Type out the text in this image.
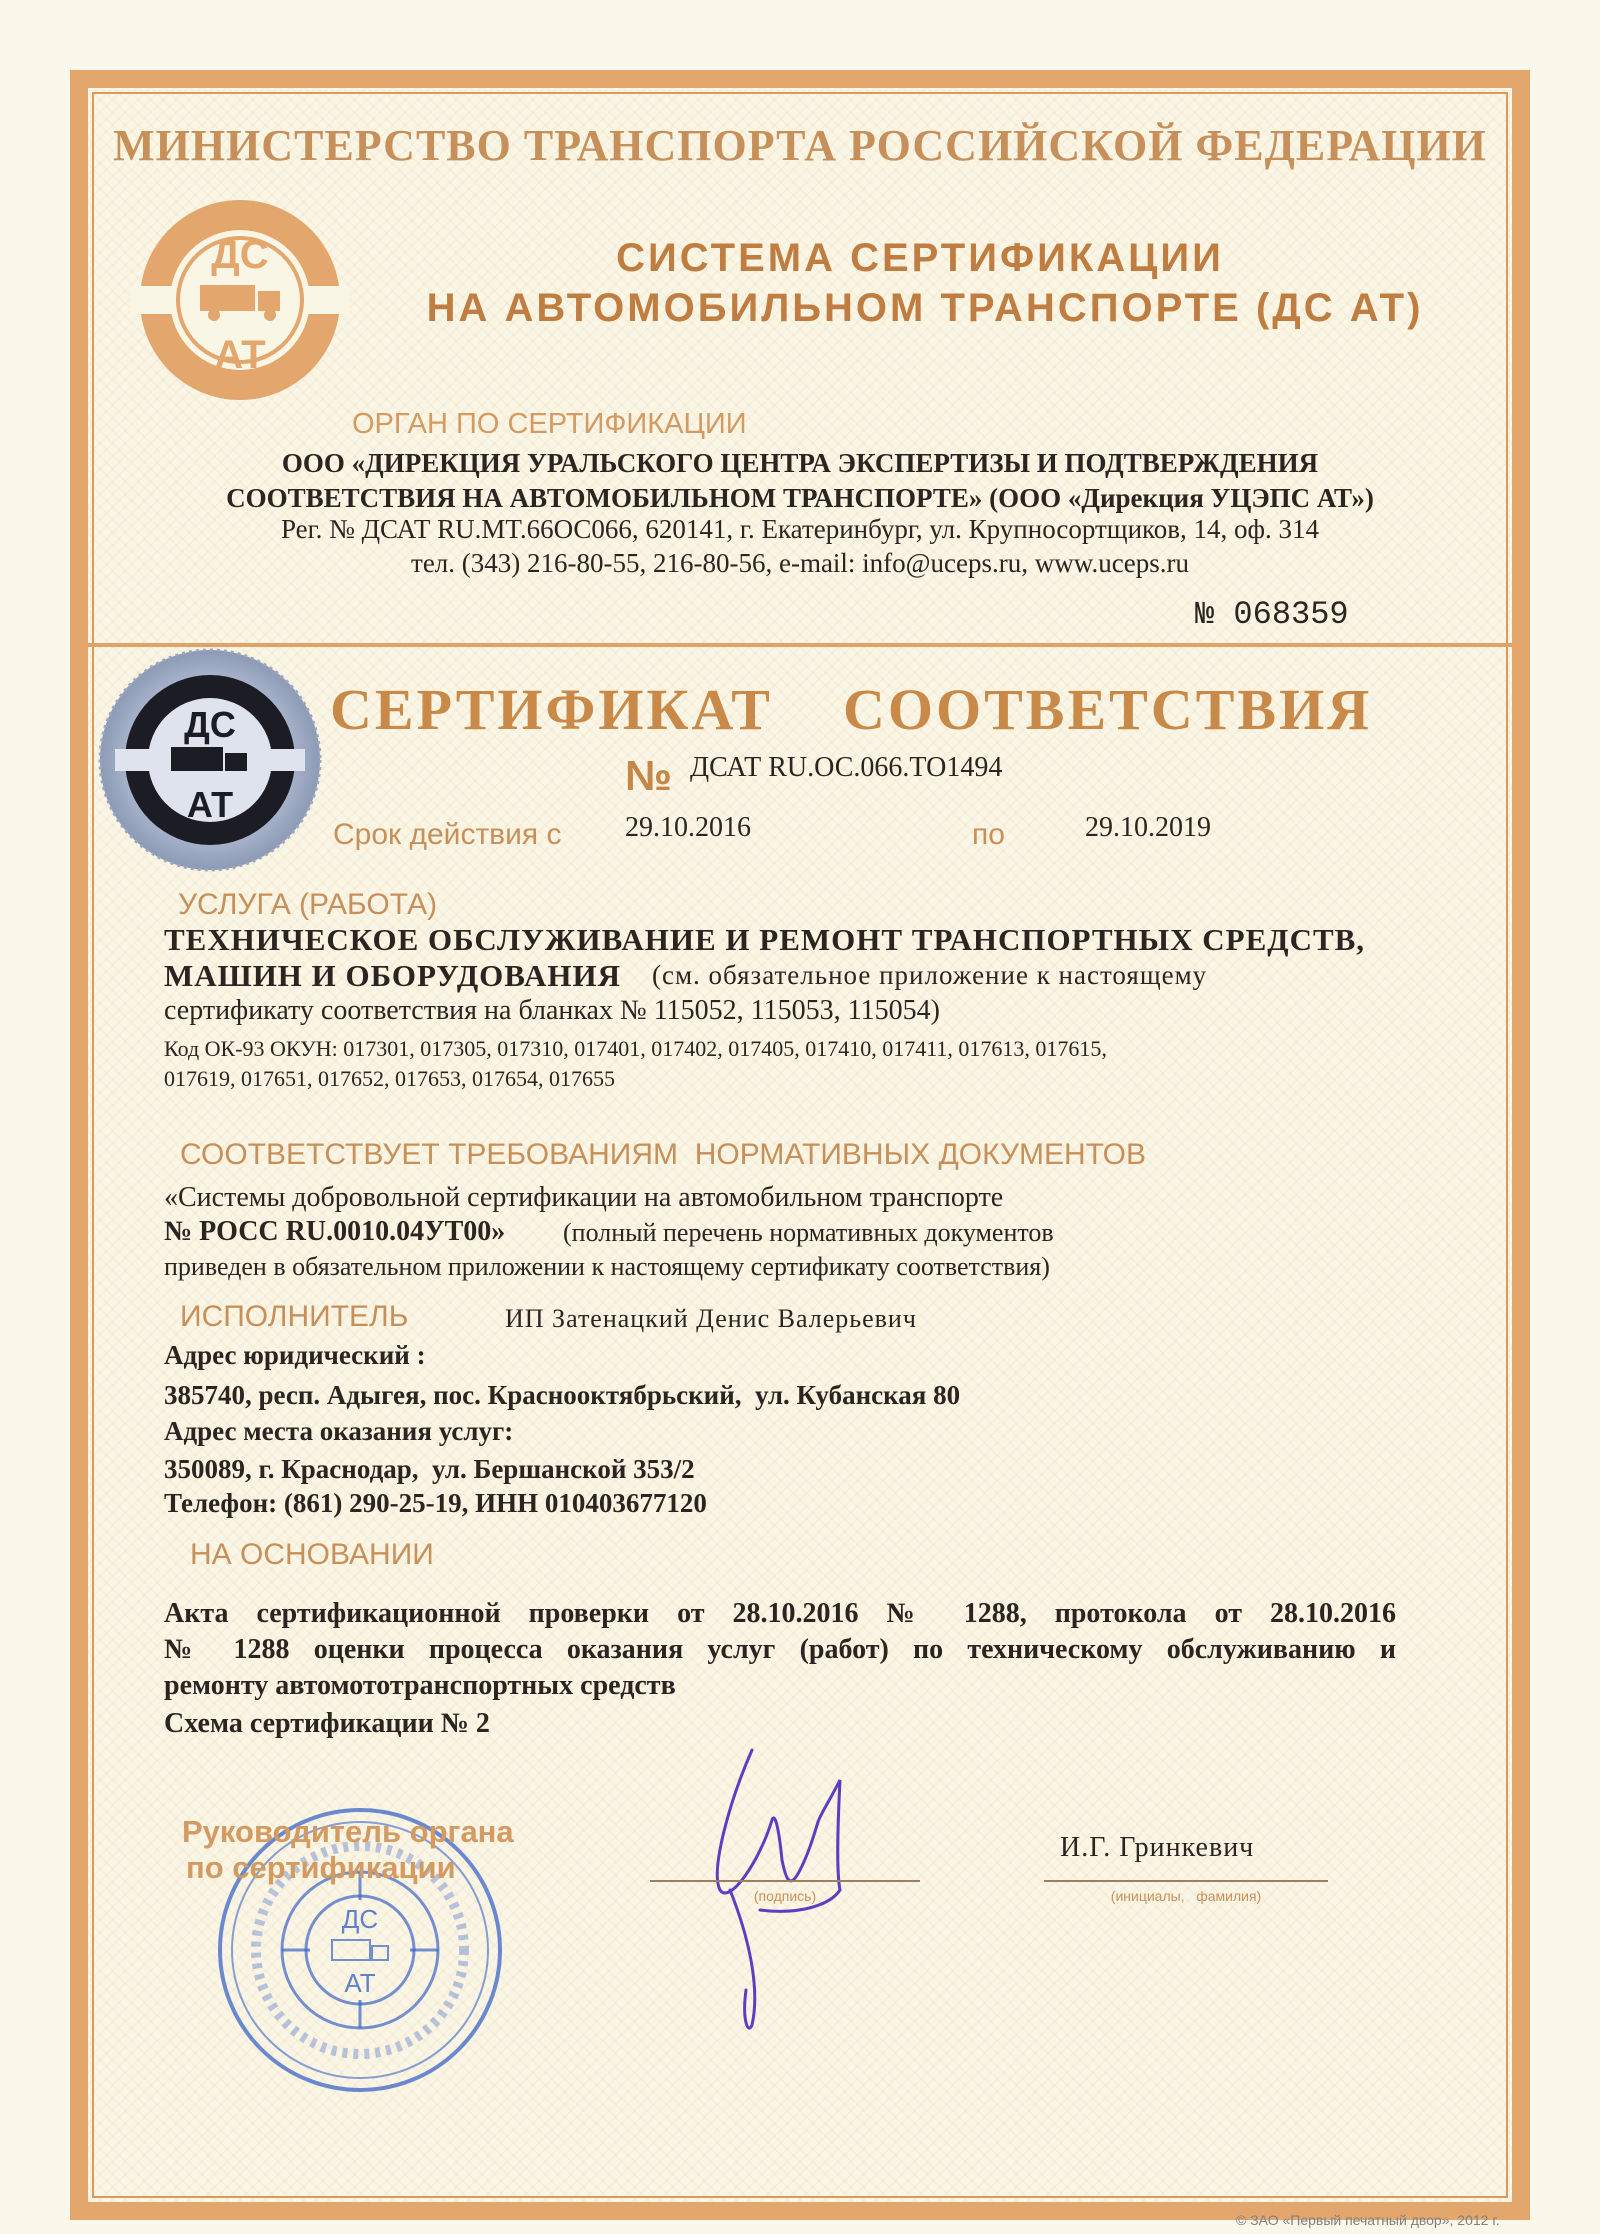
МИНИСТЕРСТВО ТРАНСПОРТА РОССИЙСКОЙ ФЕДЕРАЦИИ
ДС
АТ
СИСТЕМА СЕРТИФИКАЦИИ
НА АВТОМОБИЛЬНОМ ТРАНСПОРТЕ (ДС АТ)
ОРГАН ПО СЕРТИФИКАЦИИ
ООО «ДИРЕКЦИЯ УРАЛЬСКОГО ЦЕНТРА ЭКСПЕРТИЗЫ И ПОДТВЕРЖДЕНИЯ
СООТВЕТСТВИЯ НА АВТОМОБИЛЬНОМ ТРАНСПОРТЕ» (ООО «Дирекция УЦЭПС АТ»)
Рег. № ДСАТ RU.MT.66ОС066, 620141, г. Екатеринбург, ул. Крупносортщиков, 14, оф. 314
тел. (343) 216-80-55, 216-80-56, e-mail: info@uceps.ru, www.uceps.ru
№ 068359
ДС
АТ
СЕРТИФИКАТ    СООТВЕТСТВИЯ
№ ДСАТ RU.ОС.066.ТО1494
Срок действия с 29.10.2016	по	29.10.2019
УСЛУГА (РАБОТА)
ТЕХНИЧЕСКОЕ ОБСЛУЖИВАНИЕ И РЕМОНТ ТРАНСПОРТНЫХ СРЕДСТВ,
МАШИН И ОБОРУДОВАНИЯ (см. обязательное приложение к настоящему
сертификату соответствия на бланках № 115052, 115053, 115054)
Код ОК-93 ОКУН: 017301, 017305, 017310, 017401, 017402, 017405, 017410, 017411, 017613, 017615,
017619, 017651, 017652, 017653, 017654, 017655
СООТВЕТСТВУЕТ ТРЕБОВАНИЯМ  НОРМАТИВНЫХ ДОКУМЕНТОВ
«Системы добровольной сертификации на автомобильном транспорте
№ РОСС RU.0010.04УТ00» (полный перечень нормативных документов
приведен в обязательном приложении к настоящему сертификату соответствия)
ИСПОЛНИТЕЛЬ	ИП Затенацкий Денис Валерьевич
Адрес юридический :
385740, респ. Адыгея, пос. Краснооктябрьский,  ул. Кубанская 80
Адрес места оказания услуг:
350089, г. Краснодар,  ул. Бершанской 353/2
Телефон: (861) 290-25-19, ИНН 010403677120
НА ОСНОВАНИИ
Акта сертификационной проверки от 28.10.2016 № 1288, протокола от 28.10.2016
№ 1288 оценки процесса оказания услуг (работ) по техническому обслуживанию и
ремонту автомототранспортных средств
Схема сертификации № 2
ДС
АТ
Руководитель органа
по сертификации
(подпись)
И.Г. Гринкевич
(инициалы,   фамилия)
© ЗАО «Первый печатный двор», 2012 г.
